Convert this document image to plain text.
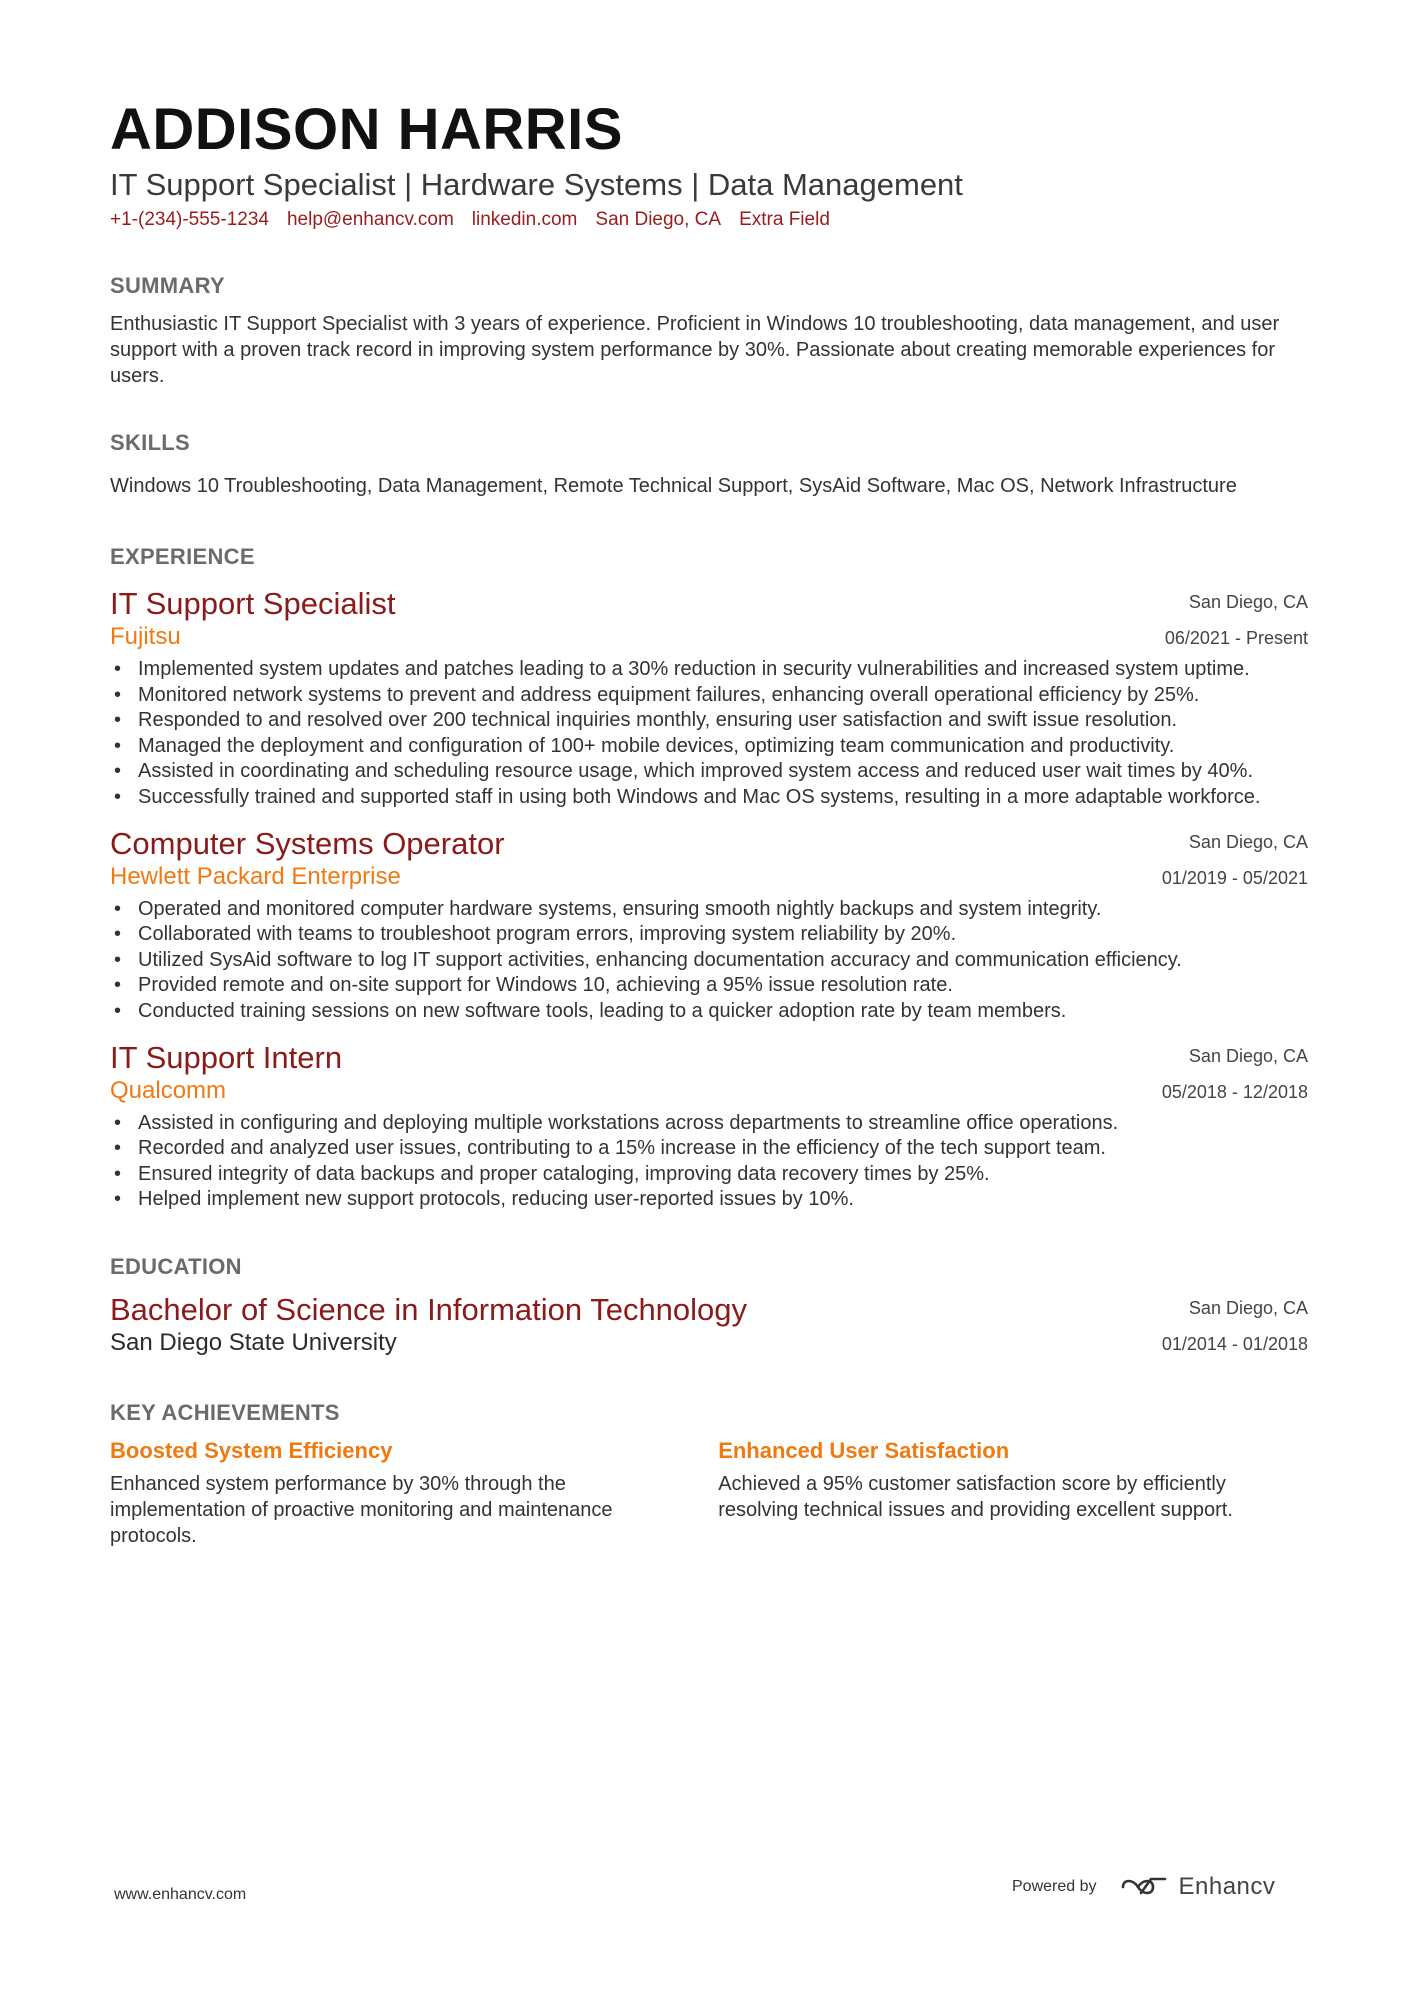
ADDISON HARRIS
IT Support Specialist | Hardware Systems | Data Management
+1-(234)-555-1234 help@enhancv.com linkedin.com San Diego, CA Extra Field
SUMMARY
Enthusiastic IT Support Specialist with 3 years of experience. Proficient in Windows 10 troubleshooting, data management, and user support with a proven track record in improving system performance by 30%. Passionate about creating memorable experiences for users.
SKILLS
Windows 10 Troubleshooting, Data Management, Remote Technical Support, SysAid Software, Mac OS, Network Infrastructure
EXPERIENCE
IT Support Specialist
Fujitsu
San Diego, CA
06/2021 - Present
• Implemented system updates and patches leading to a 30% reduction in security vulnerabilities and increased system uptime.
• Monitored network systems to prevent and address equipment failures, enhancing overall operational efficiency by 25%.
• Responded to and resolved over 200 technical inquiries monthly, ensuring user satisfaction and swift issue resolution.
• Managed the deployment and configuration of 100+ mobile devices, optimizing team communication and productivity.
• Assisted in coordinating and scheduling resource usage, which improved system access and reduced user wait times by 40%.
• Successfully trained and supported staff in using both Windows and Mac OS systems, resulting in a more adaptable workforce.
Computer Systems Operator
Hewlett Packard Enterprise
San Diego, CA
01/2019 - 05/2021
• Operated and monitored computer hardware systems, ensuring smooth nightly backups and system integrity.
• Collaborated with teams to troubleshoot program errors, improving system reliability by 20%.
• Utilized SysAid software to log IT support activities, enhancing documentation accuracy and communication efficiency.
• Provided remote and on-site support for Windows 10, achieving a 95% issue resolution rate.
• Conducted training sessions on new software tools, leading to a quicker adoption rate by team members.
IT Support Intern
Qualcomm
San Diego, CA
05/2018 - 12/2018
• Assisted in configuring and deploying multiple workstations across departments to streamline office operations.
• Recorded and analyzed user issues, contributing to a 15% increase in the efficiency of the tech support team.
• Ensured integrity of data backups and proper cataloging, improving data recovery times by 25%.
• Helped implement new support protocols, reducing user-reported issues by 10%.
EDUCATION
Bachelor of Science in Information Technology
San Diego State University
San Diego, CA
01/2014 - 01/2018
KEY ACHIEVEMENTS
Boosted System Efficiency
Enhanced system performance by 30% through the implementation of proactive monitoring and maintenance protocols.
Enhanced User Satisfaction
Achieved a 95% customer satisfaction score by efficiently resolving technical issues and providing excellent support.
www.enhancv.com	Powered by	Enhancv
